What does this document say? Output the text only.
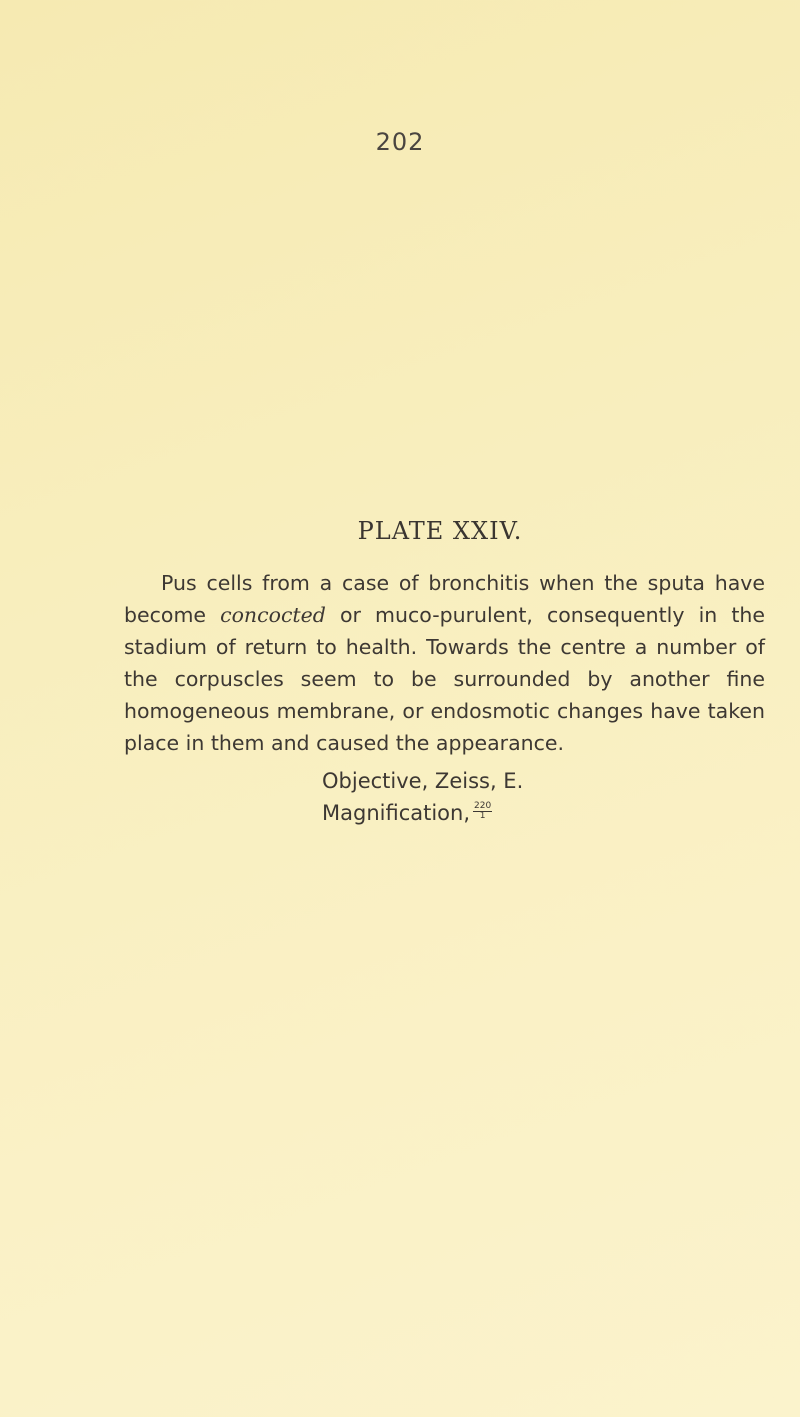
202
PLATE XXIV.

Pus cells from a case of bronchitis when the sputa have become concocted or muco-purulent, consequently in the stadium of return to health. Towards the centre a number of the corpuscles seem to be surrounded by another fine homogeneous membrane, or endosmotic changes have taken place in them and caused the appearance.

Objective, Zeiss, E.
Magnification, $\frac{220}{1}$
